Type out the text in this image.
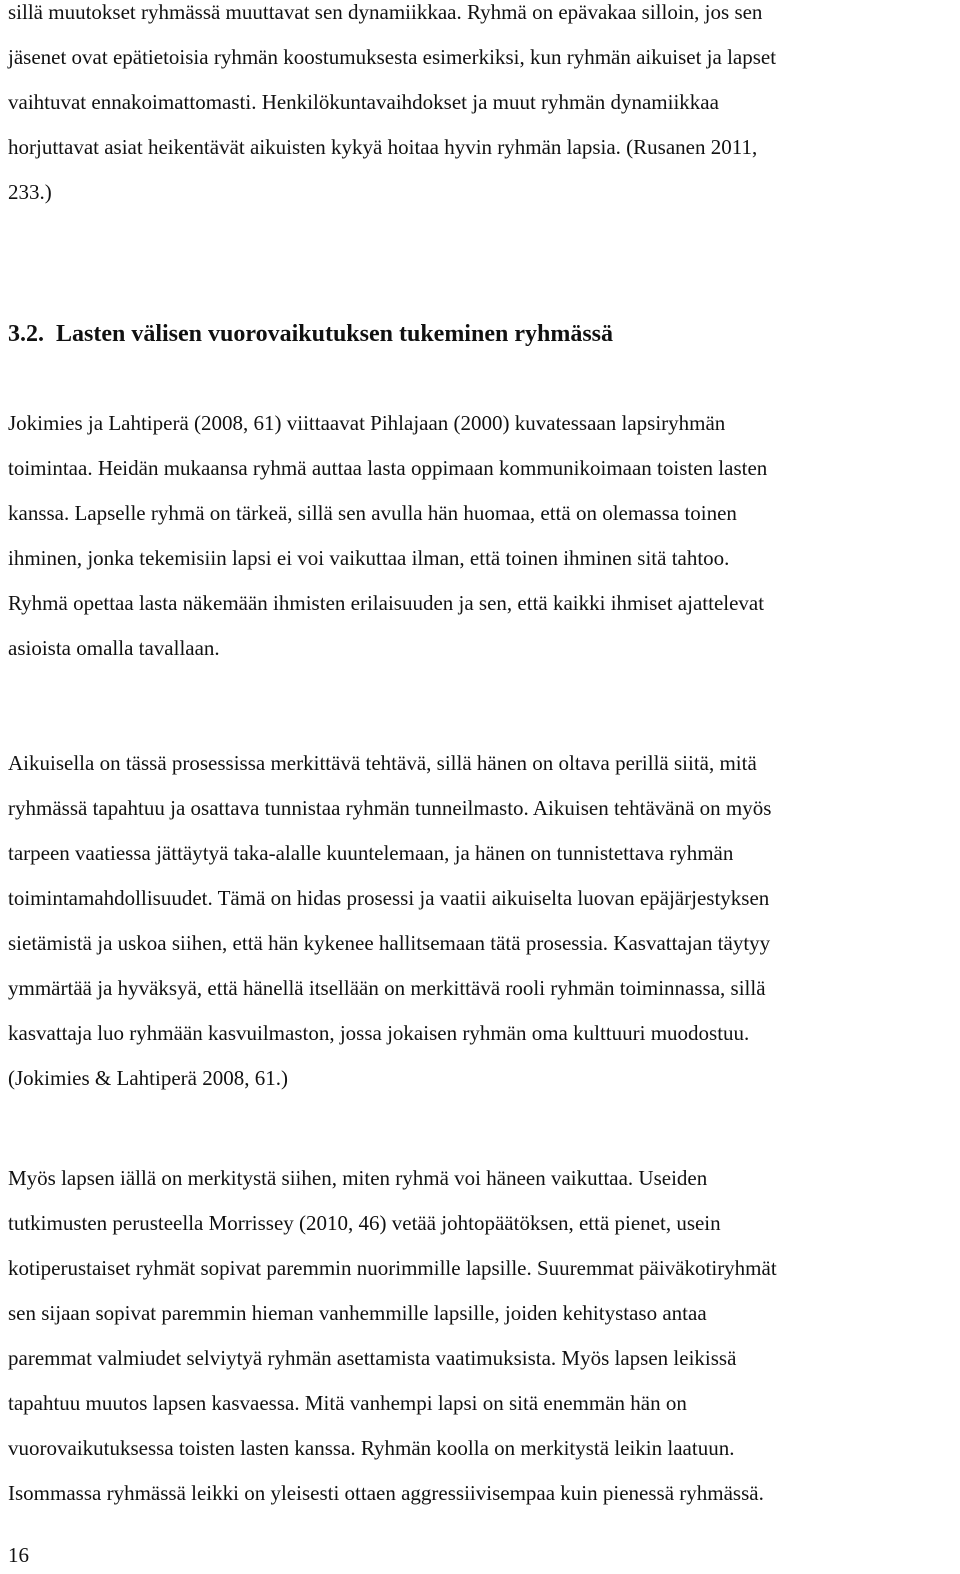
sillä muutokset ryhmässä muuttavat sen dynamiikkaa. Ryhmä on epävakaa silloin, jos sen
jäsenet ovat epätietoisia ryhmän koostumuksesta esimerkiksi, kun ryhmän aikuiset ja lapset
vaihtuvat ennakoimattomasti. Henkilökuntavaihdokset ja muut ryhmän dynamiikkaa
horjuttavat asiat heikentävät aikuisten kykyä hoitaa hyvin ryhmän lapsia. (Rusanen 2011,
233.)

3.2. Lasten välisen vuorovaikutuksen tukeminen ryhmässä

Jokimies ja Lahtiperä (2008, 61) viittaavat Pihlajaan (2000) kuvatessaan lapsiryhmän
toimintaa. Heidän mukaansa ryhmä auttaa lasta oppimaan kommunikoimaan toisten lasten
kanssa. Lapselle ryhmä on tärkeä, sillä sen avulla hän huomaa, että on olemassa toinen
ihminen, jonka tekemisiin lapsi ei voi vaikuttaa ilman, että toinen ihminen sitä tahtoo.
Ryhmä opettaa lasta näkemään ihmisten erilaisuuden ja sen, että kaikki ihmiset ajattelevat
asioista omalla tavallaan.

Aikuisella on tässä prosessissa merkittävä tehtävä, sillä hänen on oltava perillä siitä, mitä
ryhmässä tapahtuu ja osattava tunnistaa ryhmän tunneilmasto. Aikuisen tehtävänä on myös
tarpeen vaatiessa jättäytyä taka-alalle kuuntelemaan, ja hänen on tunnistettava ryhmän
toimintamahdollisuudet. Tämä on hidas prosessi ja vaatii aikuiselta luovan epäjärjestyksen
sietämistä ja uskoa siihen, että hän kykenee hallitsemaan tätä prosessia. Kasvattajan täytyy
ymmärtää ja hyväksyä, että hänellä itsellään on merkittävä rooli ryhmän toiminnassa, sillä
kasvattaja luo ryhmään kasvuilmaston, jossa jokaisen ryhmän oma kulttuuri muodostuu.
(Jokimies & Lahtiperä 2008, 61.)

Myös lapsen iällä on merkitystä siihen, miten ryhmä voi häneen vaikuttaa. Useiden
tutkimusten perusteella Morrissey (2010, 46) vetää johtopäätöksen, että pienet, usein
kotiperustaiset ryhmät sopivat paremmin nuorimmille lapsille. Suuremmat päiväkotiryhmät
sen sijaan sopivat paremmin hieman vanhemmille lapsille, joiden kehitystaso antaa
paremmat valmiudet selviytyä ryhmän asettamista vaatimuksista. Myös lapsen leikissä
tapahtuu muutos lapsen kasvaessa. Mitä vanhempi lapsi on sitä enemmän hän on
vuorovaikutuksessa toisten lasten kanssa. Ryhmän koolla on merkitystä leikin laatuun.
Isommassa ryhmässä leikki on yleisesti ottaen aggressiivisempaa kuin pienessä ryhmässä.

16
